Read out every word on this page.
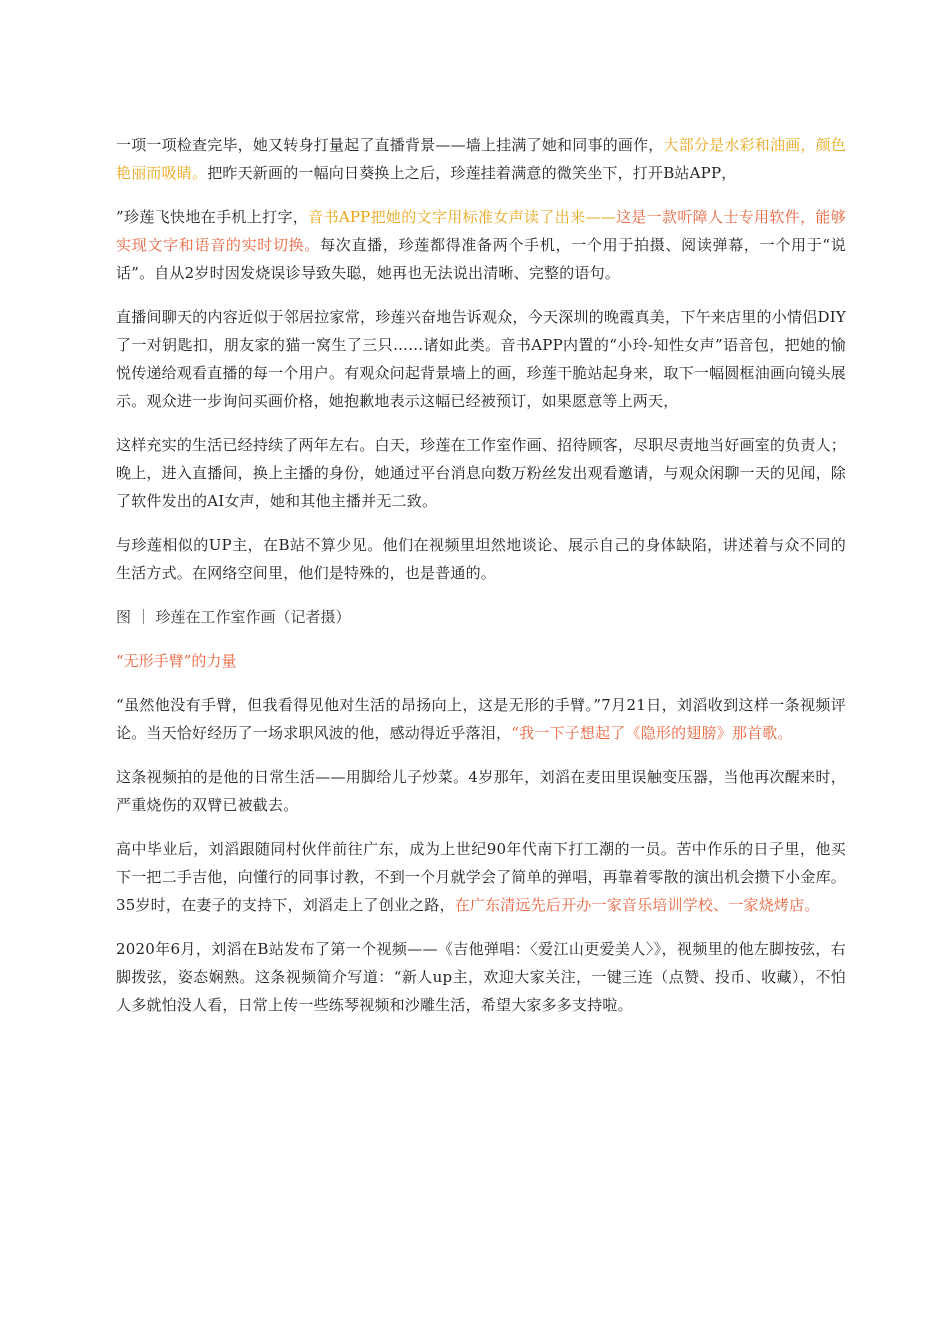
一项一项检查完毕，她又转身打量起了直播背景——墙上挂满了她和同事的画作，大部分是水彩和油画，颜色艳丽而吸睛。把昨天新画的一幅向日葵换上之后，珍莲挂着满意的微笑坐下，打开B站APP，

”珍莲飞快地在手机上打字，音书APP把她的文字用标准女声读了出来——这是一款听障人士专用软件，能够实现文字和语音的实时切换。每次直播，珍莲都得准备两个手机，一个用于拍摄、阅读弹幕，一个用于“说话”。自从2岁时因发烧误诊导致失聪，她再也无法说出清晰、完整的语句。

直播间聊天的内容近似于邻居拉家常，珍莲兴奋地告诉观众，今天深圳的晚霞真美，下午来店里的小情侣DIY了一对钥匙扣，朋友家的猫一窝生了三只……诸如此类。音书APP内置的“小玲-知性女声”语音包，把她的愉悦传递给观看直播的每一个用户。有观众问起背景墙上的画，珍莲干脆站起身来，取下一幅圆框油画向镜头展示。观众进一步询问买画价格，她抱歉地表示这幅已经被预订，如果愿意等上两天，

这样充实的生活已经持续了两年左右。白天，珍莲在工作室作画、招待顾客，尽职尽责地当好画室的负责人；晚上，进入直播间，换上主播的身份，她通过平台消息向数万粉丝发出观看邀请，与观众闲聊一天的见闻，除了软件发出的AI女声，她和其他主播并无二致。

与珍莲相似的UP主，在B站不算少见。他们在视频里坦然地谈论、展示自己的身体缺陷，讲述着与众不同的生活方式。在网络空间里，他们是特殊的，也是普通的。

图 ｜ 珍莲在工作室作画（记者摄）

“无形手臂”的力量

“虽然他没有手臂，但我看得见他对生活的昂扬向上，这是无形的手臂。”7月21日，刘滔收到这样一条视频评论。当天恰好经历了一场求职风波的他，感动得近乎落泪，“我一下子想起了《隐形的翅膀》那首歌。

这条视频拍的是他的日常生活——用脚给儿子炒菜。4岁那年，刘滔在麦田里误触变压器，当他再次醒来时，严重烧伤的双臂已被截去。

高中毕业后，刘滔跟随同村伙伴前往广东，成为上世纪90年代南下打工潮的一员。苦中作乐的日子里，他买下一把二手吉他，向懂行的同事讨教，不到一个月就学会了简单的弹唱，再靠着零散的演出机会攒下小金库。35岁时，在妻子的支持下，刘滔走上了创业之路，在广东清远先后开办一家音乐培训学校、一家烧烤店。

2020年6月，刘滔在B站发布了第一个视频——《吉他弹唱：〈爱江山更爱美人〉》，视频里的他左脚按弦，右脚拨弦，姿态娴熟。这条视频简介写道：“新人up主，欢迎大家关注，一键三连（点赞、投币、收藏），不怕人多就怕没人看，日常上传一些练琴视频和沙雕生活，希望大家多多支持啦。
